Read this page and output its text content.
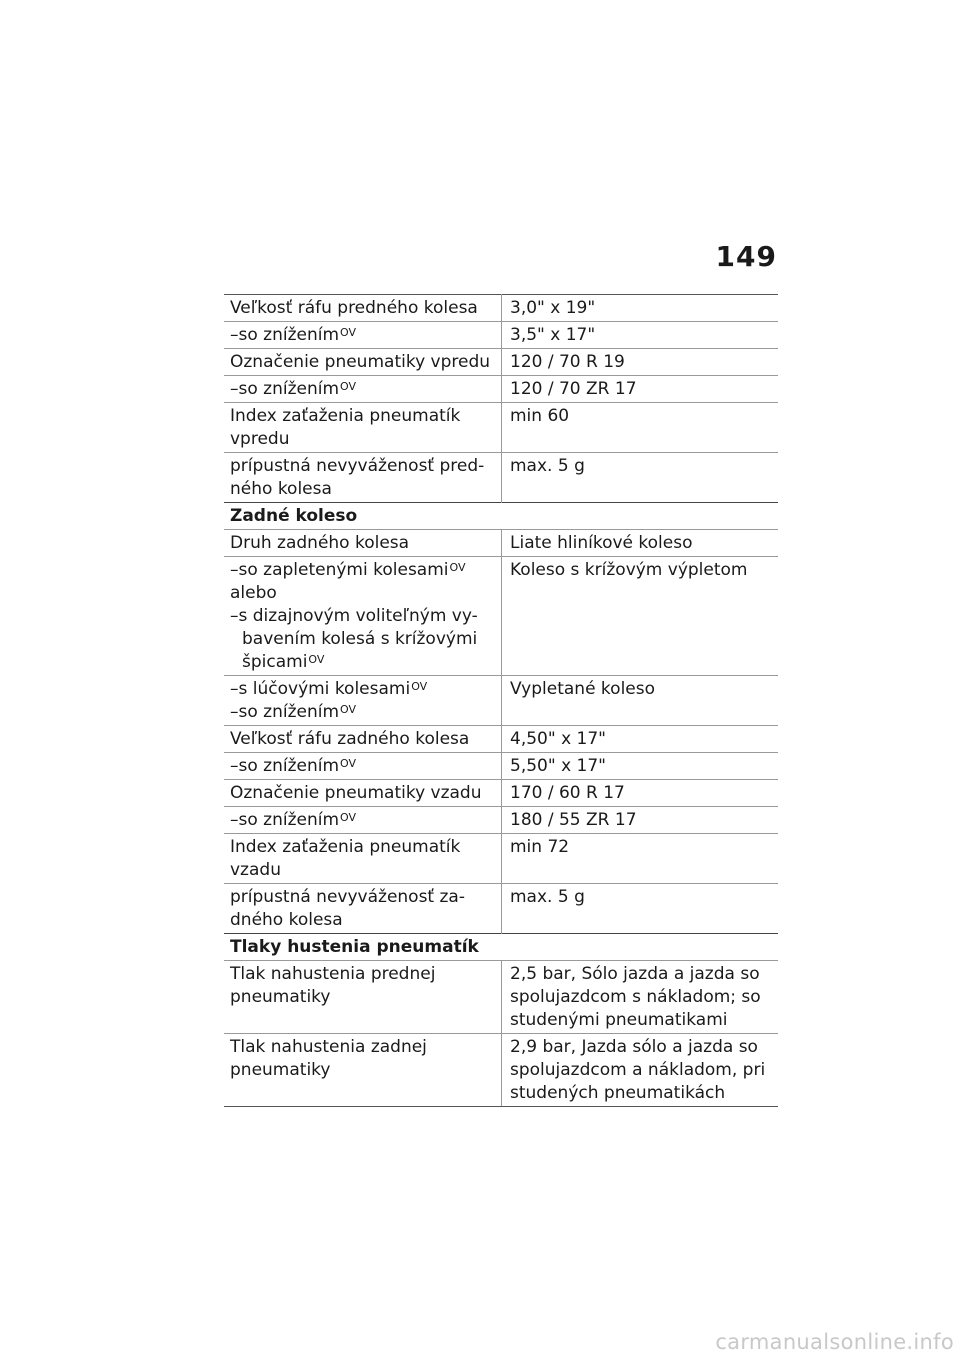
149
Veľkosť ráfu predného kolesa	3,0" x 19"
–so znížením$^{OV}$	3,5" x 17"
Označenie pneumatiky vpredu	120 / 70 R 19
–so znížením$^{OV}$	120 / 70 ZR 17

Index zaťaženia pneumatík
vpredu	min 60

prípustná nevyváženosť pred-
ného kolesa	max. 5 g
Zadné koleso	
Druh zadného kolesa	Liate hliníkové koleso

–so zapletenými kolesami$^{OV}$
alebo
–s dizajnovým voliteľným vy-
bavením kolesá s krížovými
špicami$^{OV}$	Koleso s krížovým výpletom

–s lúčovými kolesami$^{OV}$
–so znížením$^{OV}$	Vypletané koleso
Veľkosť ráfu zadného kolesa	4,50" x 17"
–so znížením$^{OV}$	5,50" x 17"
Označenie pneumatiky vzadu	170 / 60 R 17
–so znížením$^{OV}$	180 / 55 ZR 17

Index zaťaženia pneumatík
vzadu	min 72

prípustná nevyváženosť za-
dného kolesa	max. 5 g
Tlaky hustenia pneumatík	

Tlak nahustenia prednej
pneumatiky	2,5 bar, Sólo jazda a jazda so
spolujazdcom s nákladom; so
studenými pneumatikami

Tlak nahustenia zadnej
pneumatiky	2,9 bar, Jazda sólo a jazda so
spolujazdcom a nákladom, pri
studených pneumatikách
carmanualsonline.info
